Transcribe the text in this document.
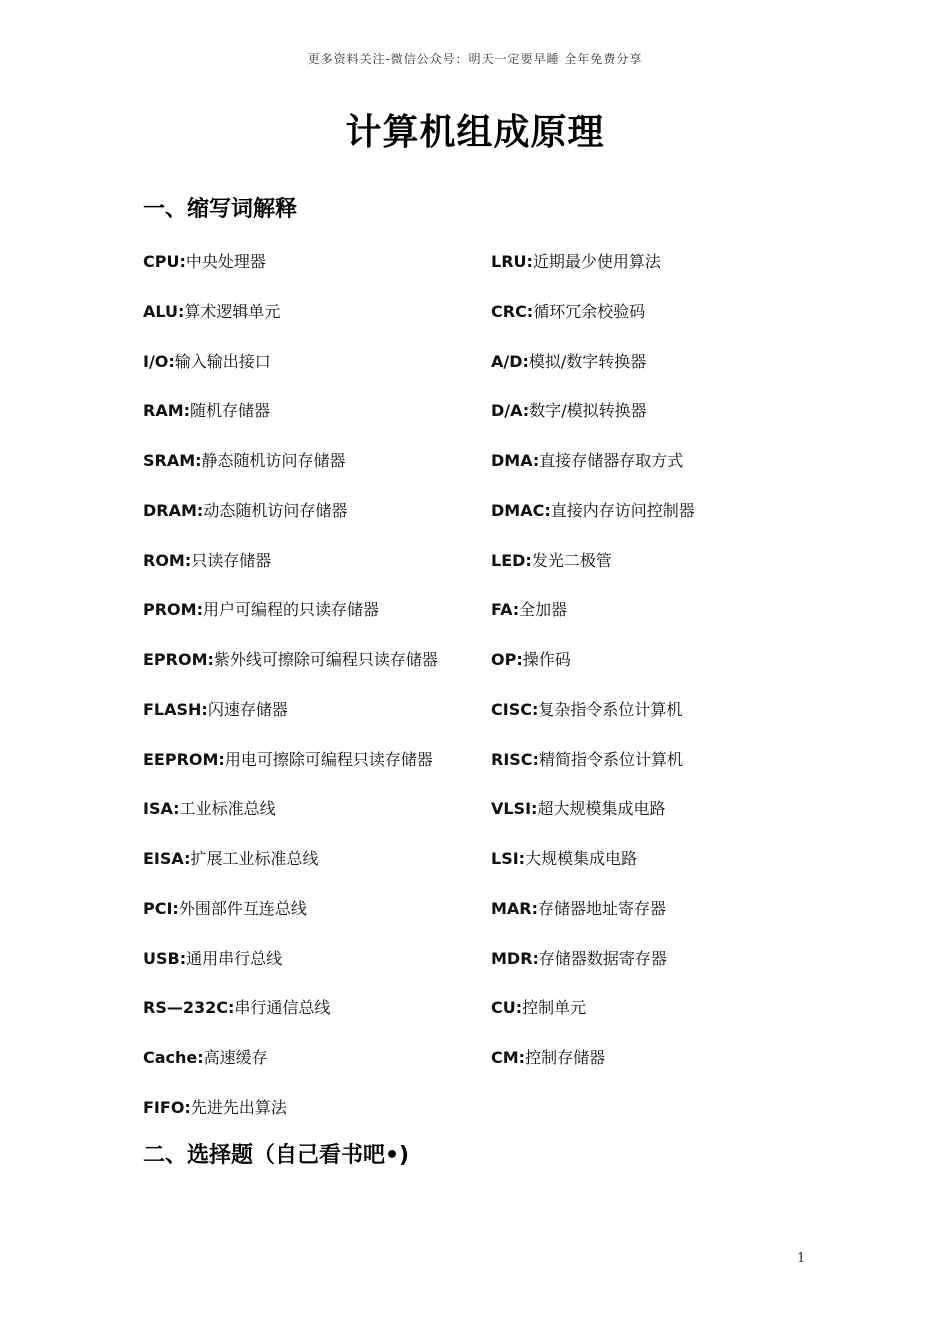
更多资料关注-微信公众号：明天一定要早睡 全年免费分享
计算机组成原理
一、缩写词解释
CPU:中央处理器	LRU:近期最少使用算法
ALU:算术逻辑单元	CRC:循环冗余校验码
I/O:输入输出接口	A/D:模拟/数字转换器
RAM:随机存储器	D/A:数字/模拟转换器
SRAM:静态随机访问存储器	DMA:直接存储器存取方式
DRAM:动态随机访问存储器	DMAC:直接内存访问控制器
ROM:只读存储器	LED:发光二极管
PROM:用户可编程的只读存储器	FA:全加器
EPROM:紫外线可擦除可编程只读存储器	OP:操作码
FLASH:闪速存储器	CISC:复杂指令系位计算机
EEPROM:用电可擦除可编程只读存储器	RISC:精简指令系位计算机
ISA:工业标准总线	VLSI:超大规模集成电路
EISA:扩展工业标准总线	LSI:大规模集成电路
PCI:外围部件互连总线	MAR:存储器地址寄存器
USB:通用串行总线	MDR:存储器数据寄存器
RS—232C:串行通信总线	CU:控制单元
Cache:高速缓存	CM:控制存储器
FIFO:先进先出算法
二、选择题（自己看书吧•)
1
